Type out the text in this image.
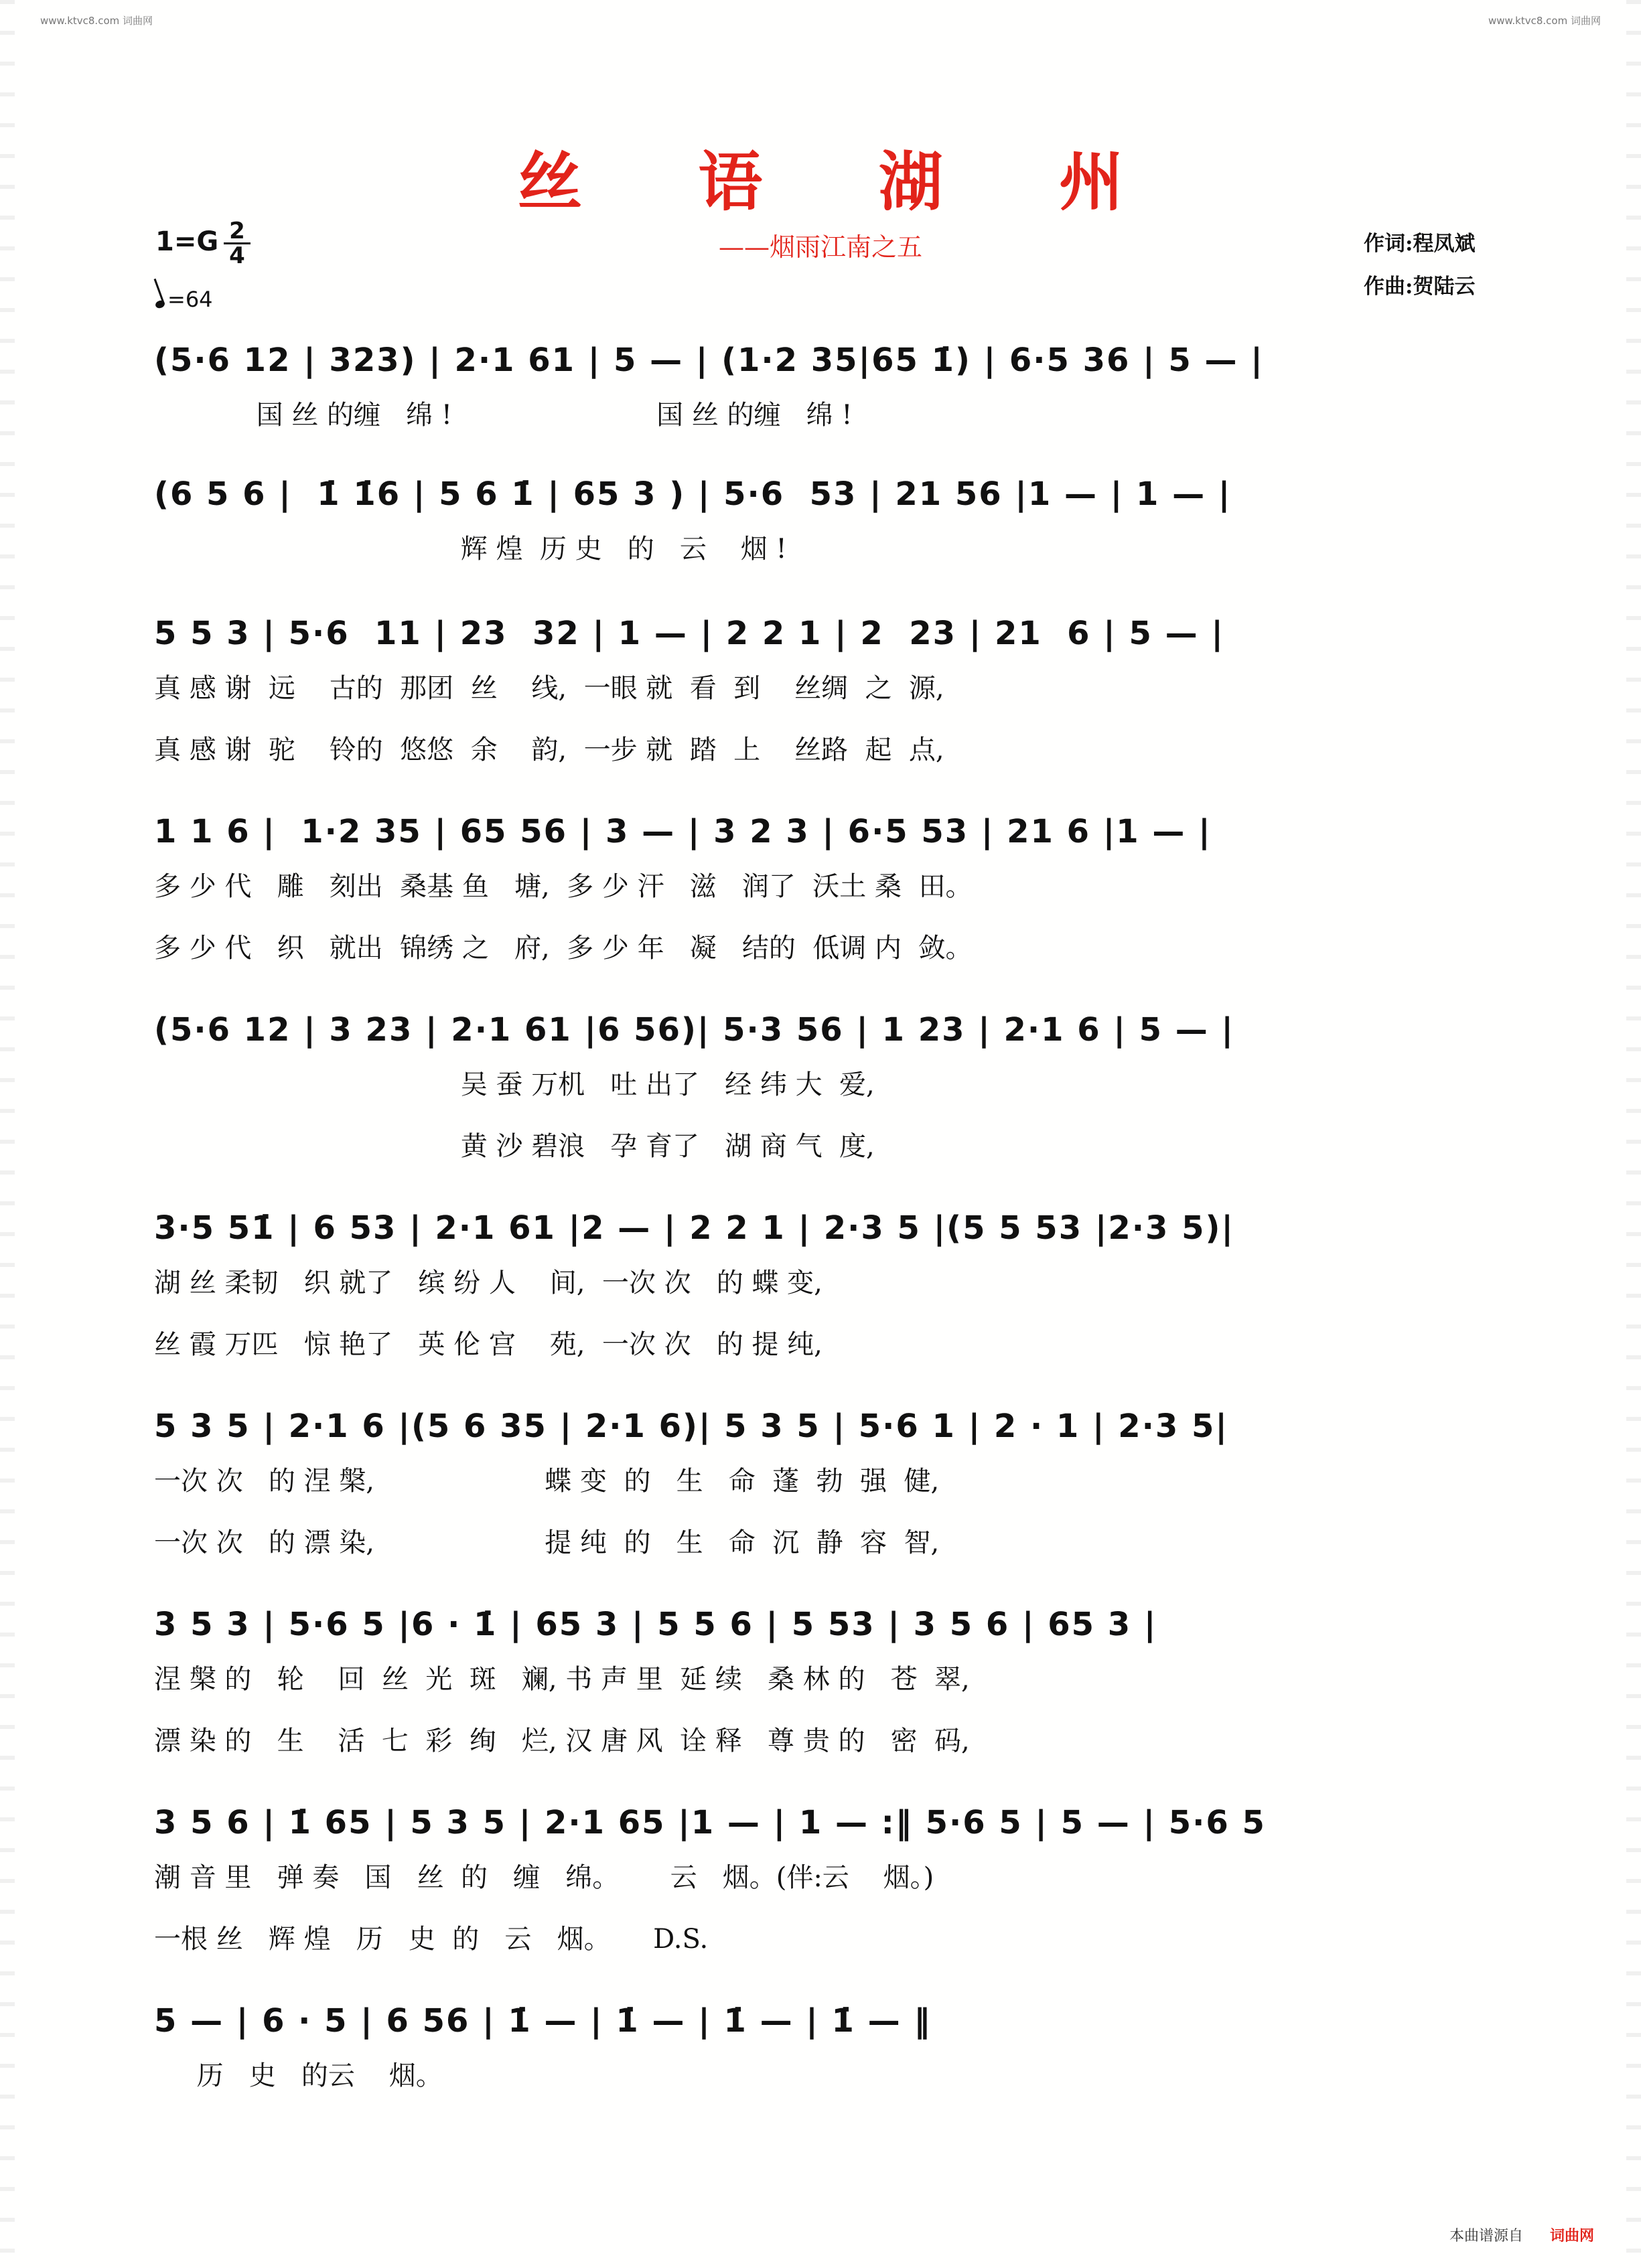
www.ktvc8.com 词曲网	www.ktvc8.com 词曲网
丝 语 湖 州
——烟雨江南之五
1=G 2
4
=64
作词:程凤斌
作曲:贺陆云
(5·6 12 | 323) | 2·1 61 | 5 — | (1·2 35|65 1̇) | 6·5 36 | 5 — |
国 丝 的缠   绵 !                        国 丝 的缠   绵 !
(6 5 6 |  1̇ 1̇6 | 5 6 1̇ | 65 3 ) | 5·6  53 | 21 56 |1 — | 1 — |
辉 煌  历 史   的   云    烟 !
5 5 3 | 5·6  11 | 23  32 | 1 — | 2 2 1 | 2  23 | 21  6 | 5 — |
真 感 谢  远    古的  那团  丝    线,  一眼 就  看  到    丝绸  之  源,
真 感 谢  驼    铃的  悠悠  余    韵,  一步 就  踏  上    丝路  起  点,
1 1 6 |  1·2 35 | 65 56 | 3 — | 3 2 3 | 6·5 53 | 21 6 |1 — |
多 少 代   雕   刻出  桑基 鱼   塘,  多 少 汗   滋   润了  沃土 桑  田。
多 少 代   织   就出  锦绣 之   府,  多 少 年   凝   结的  低调 内  敛。
(5·6 12 | 3 23 | 2·1 61 |6 56)| 5·3 56 | 1 23 | 2·1 6 | 5 — |
吴 蚕 万机   吐 出了   经 纬 大  爱,
黄 沙 碧浪   孕 育了   湖 商 气  度,
3·5 51̇ | 6 53 | 2·1 61 |2 — | 2 2 1 | 2·3 5 |(5 5 53 |2·3 5)|
湖 丝 柔韧   织 就了   缤 纷 人    间,  一次 次   的 蝶 变,
丝 霞 万匹   惊 艳了   英 伦 宫    苑,  一次 次   的 提 纯,
5 3 5 | 2·1 6 |(5 6 35 | 2·1 6)| 5 3 5 | 5·6 1 | 2 · 1 | 2·3 5|
一次 次   的 涅 槃,                    蝶 变  的   生   命  蓬  勃  强  健,
一次 次   的 漂 染,                    提 纯  的   生   命  沉  静  容  智,
3 5 3 | 5·6 5 |6 · 1̇ | 65 3 | 5 5 6 | 5 53 | 3 5 6 | 65 3 |
涅 槃 的   轮    回  丝  光  斑   斓, 书 声 里  延 续   桑 林 的   苍  翠,
漂 染 的   生    活  七  彩  绚   烂, 汉 唐 风  诠 释   尊 贵 的   密  码,
3 5 6 | 1̇ 65 | 5 3 5 | 2·1 65 |1 — | 1 — :‖ 5·6 5 | 5 — | 5·6 5
潮 音 里   弹 奏   国   丝  的   缠   绵。      云   烟。(伴:云    烟。)
一根 丝   辉 煌   历   史  的   云   烟。     D.S.
5 — | 6 · 5 | 6 56 | 1̇ — | 1̇ — | 1̇ — | 1̇ — ‖
历   史   的云    烟。
本曲谱源自 词曲网
